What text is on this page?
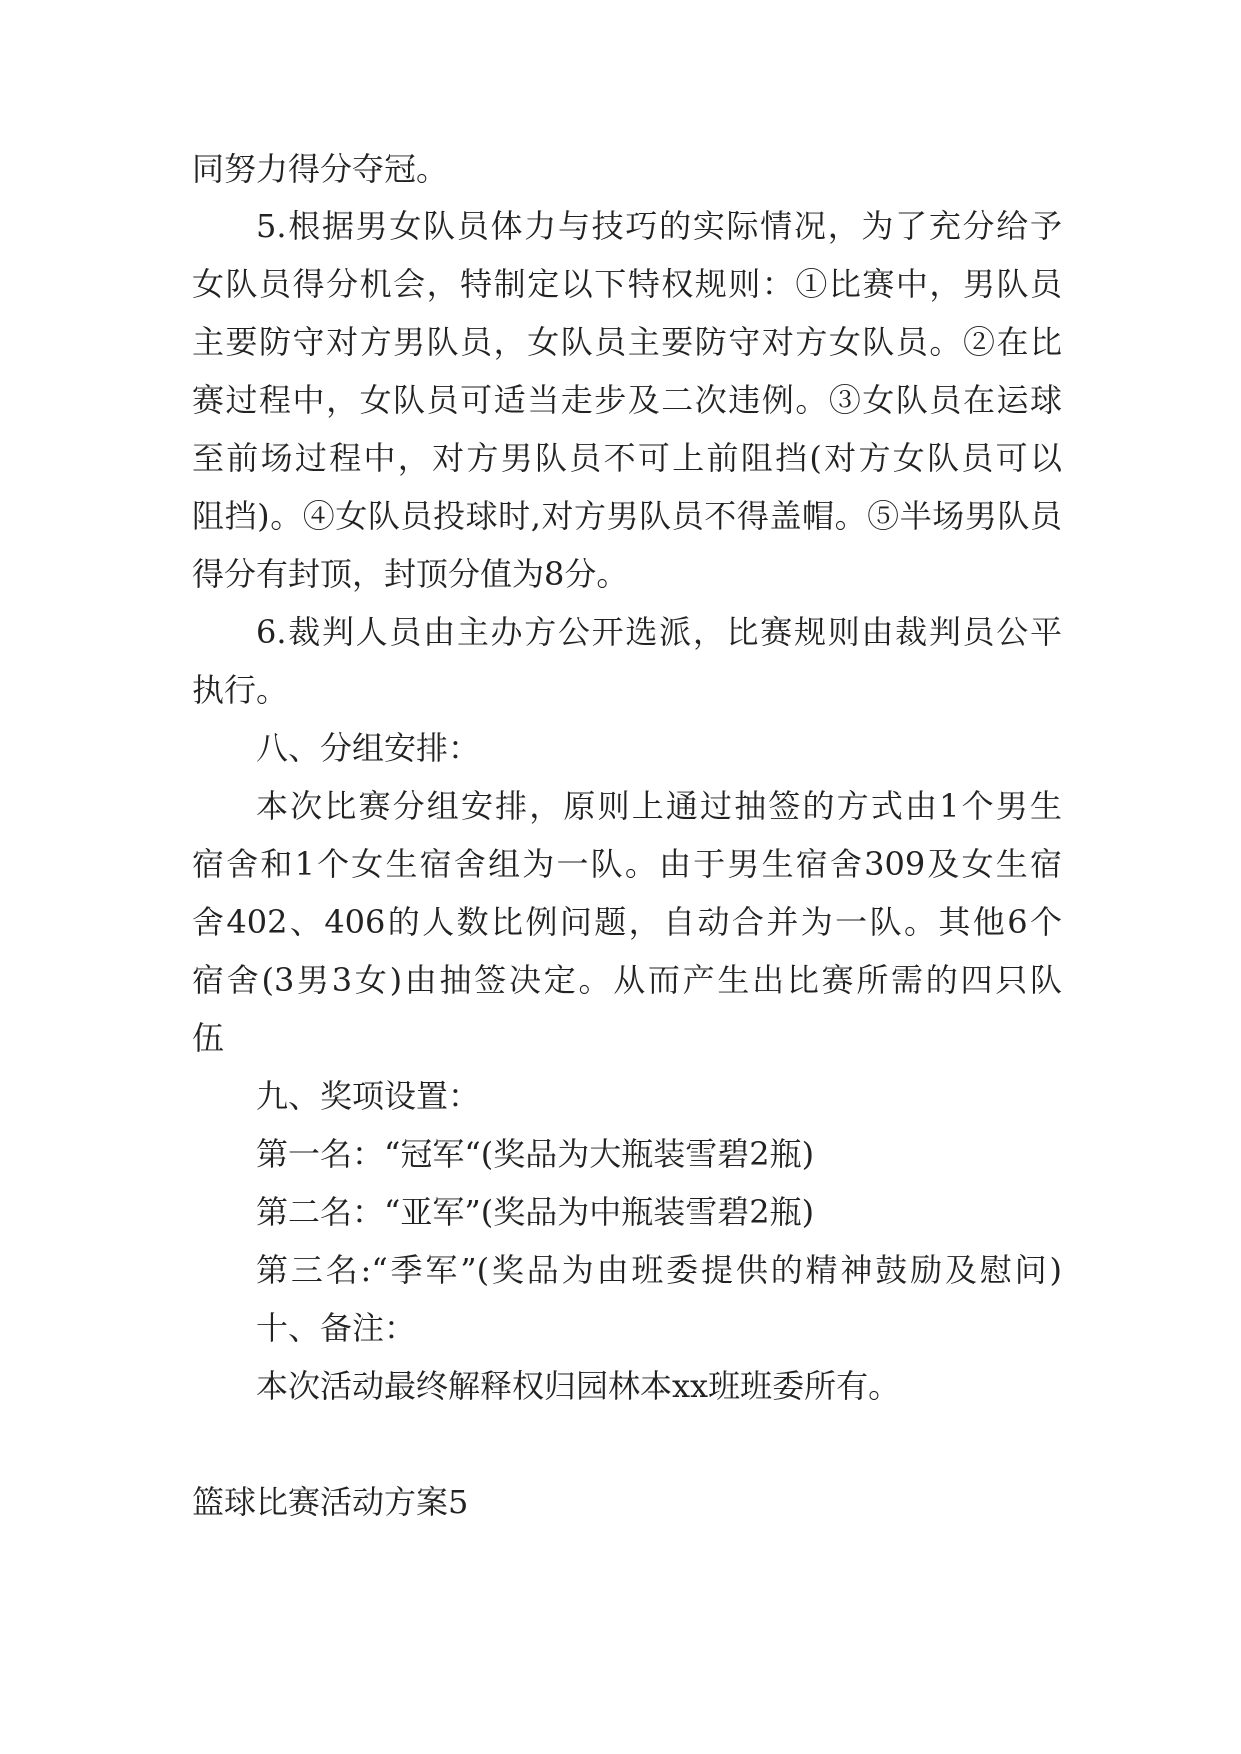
同努力得分夺冠。
5.根据男女队员体力与技巧的实际情况，为了充分给予
女队员得分机会，特制定以下特权规则：①比赛中，男队员
主要防守对方男队员，女队员主要防守对方女队员。②在比
赛过程中，女队员可适当走步及二次违例。③女队员在运球
至前场过程中，对方男队员不可上前阻挡(对方女队员可以
阻挡)。④女队员投球时,对方男队员不得盖帽。⑤半场男队员
得分有封顶，封顶分值为8分。
6.裁判人员由主办方公开选派，比赛规则由裁判员公平
执行。
八、分组安排：
本次比赛分组安排，原则上通过抽签的方式由1个男生
宿舍和1个女生宿舍组为一队。由于男生宿舍309及女生宿
舍402、406的人数比例问题，自动合并为一队。其他6个
宿舍(3男3女)由抽签决定。从而产生出比赛所需的四只队
伍
九、奖项设置：
第一名：“冠军“(奖品为大瓶装雪碧2瓶)
第二名：“亚军”(奖品为中瓶装雪碧2瓶)
第三名:“季军”(奖品为由班委提供的精神鼓励及慰问)
十、备注：
本次活动最终解释权归园林本xx班班委所有。
篮球比赛活动方案5
